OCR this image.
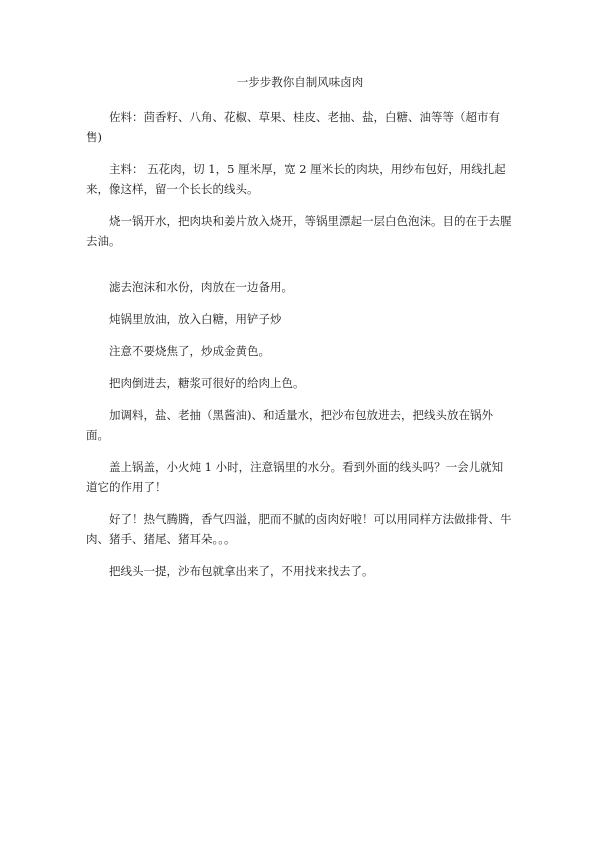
一步步教你自制风味卤肉

佐料：茴香籽、八角、花椒、草果、桂皮、老抽、盐，白糖、油等等（超市有售)

主料： 五花肉，切 1，5 厘米厚，宽 2 厘米长的肉块，用纱布包好，用线扎起来，像这样，留一个长长的线头。

烧一锅开水，把肉块和姜片放入烧开，等锅里漂起一层白色泡沫。目的在于去腥去油。

滤去泡沫和水份，肉放在一边备用。

炖锅里放油，放入白糖，用铲子炒

注意不要烧焦了，炒成金黄色。

把肉倒进去，糖浆可很好的给肉上色。

加调料，盐、老抽（黑酱油)、和适量水，把沙布包放进去，把线头放在锅外面。

盖上锅盖，小火炖 1 小时，注意锅里的水分。看到外面的线头吗？一会儿就知道它的作用了！

好了！热气腾腾，香气四溢，肥而不腻的卤肉好啦！可以用同样方法做排骨、牛肉、猪手、猪尾、猪耳朵。。。

把线头一提，沙布包就拿出来了，不用找来找去了。
